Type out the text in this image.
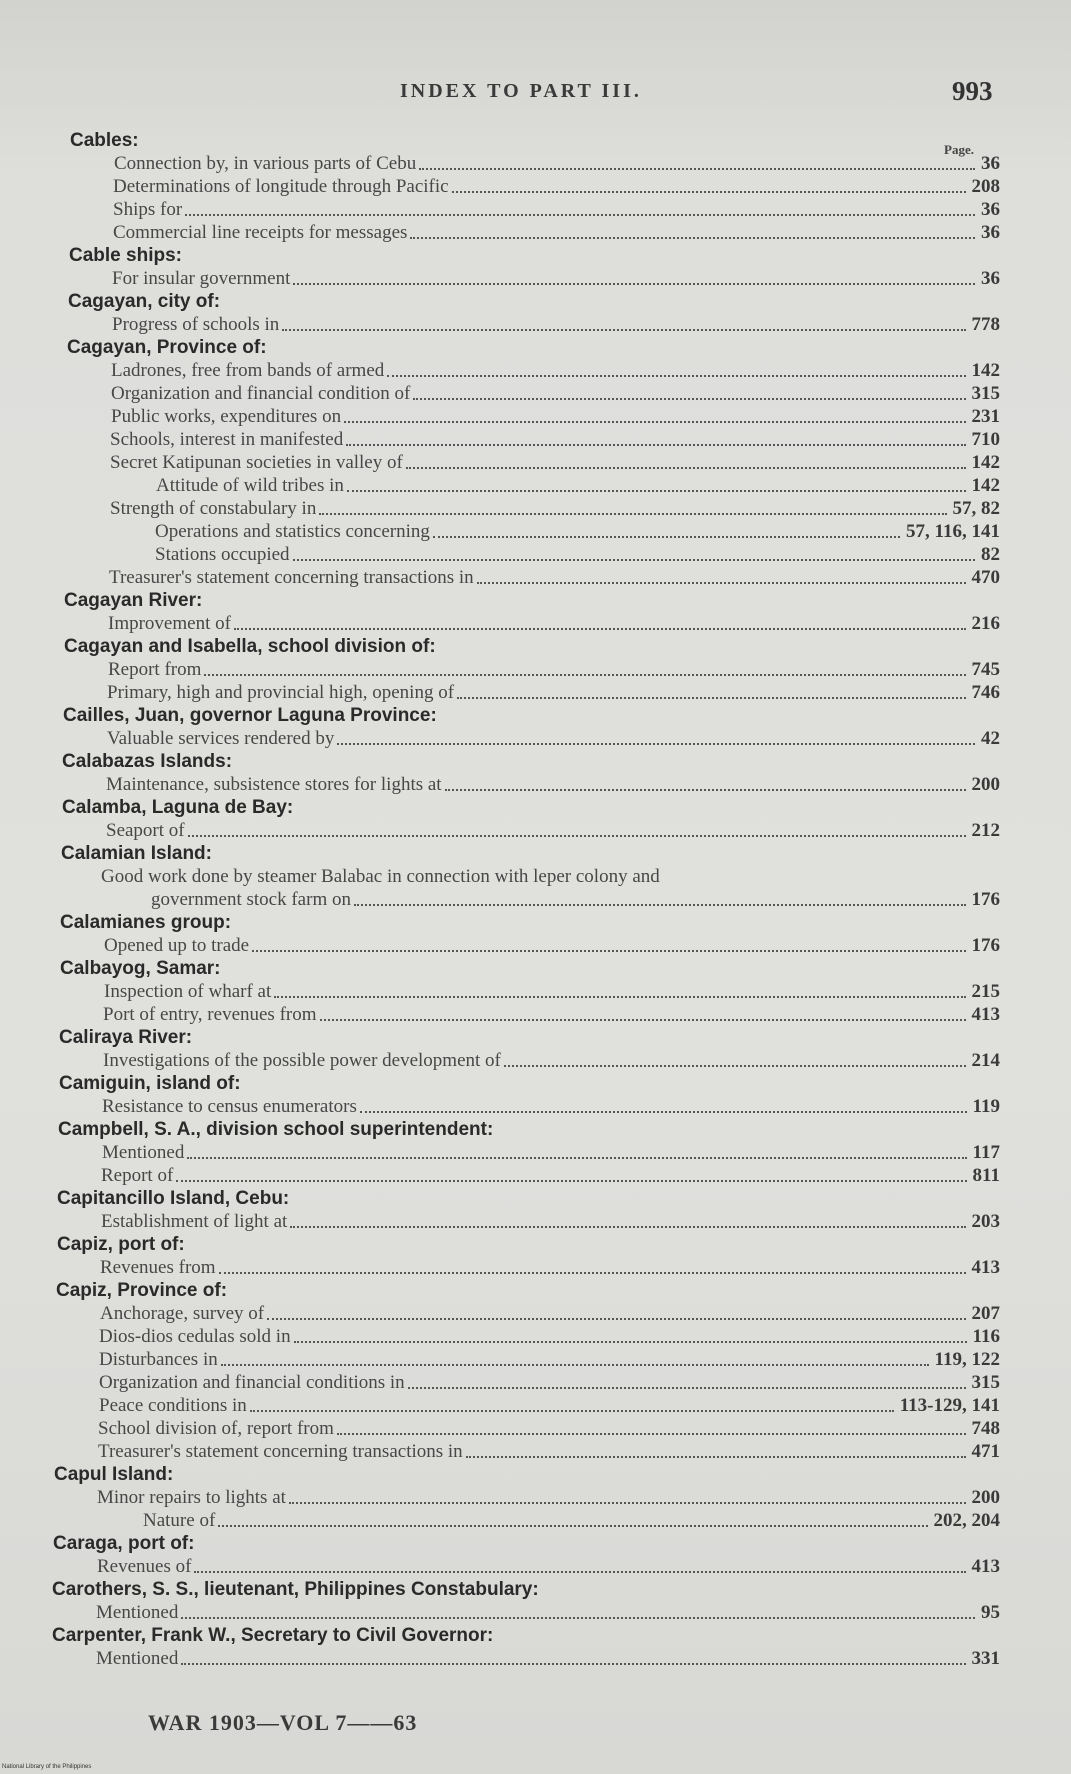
INDEX TO PART III.	993
Page.
Cables:
Connection by, in various parts of Cebu	36
Determinations of longitude through Pacific	208
Ships for	36
Commercial line receipts for messages	36
Cable ships:
For insular government	36
Cagayan, city of:
Progress of schools in	778
Cagayan, Province of:
Ladrones, free from bands of armed	142
Organization and financial condition of	315
Public works, expenditures on	231
Schools, interest in manifested	710
Secret Katipunan societies in valley of	142
Attitude of wild tribes in	142
Strength of constabulary in	57, 82
Operations and statistics concerning	57, 116, 141
Stations occupied	82
Treasurer's statement concerning transactions in	470
Cagayan River:
Improvement of	216
Cagayan and Isabella, school division of:
Report from	745
Primary, high and provincial high, opening of	746
Cailles, Juan, governor Laguna Province:
Valuable services rendered by	42
Calabazas Islands:
Maintenance, subsistence stores for lights at	200
Calamba, Laguna de Bay:
Seaport of	212
Calamian Island:
Good work done by steamer Balabac in connection with leper colony and
government stock farm on	176
Calamianes group:
Opened up to trade	176
Calbayog, Samar:
Inspection of wharf at	215
Port of entry, revenues from	413
Caliraya River:
Investigations of the possible power development of	214
Camiguin, island of:
Resistance to census enumerators	119
Campbell, S. A., division school superintendent:
Mentioned	117
Report of	811
Capitancillo Island, Cebu:
Establishment of light at	203
Capiz, port of:
Revenues from	413
Capiz, Province of:
Anchorage, survey of	207
Dios-dios cedulas sold in	116
Disturbances in	119, 122
Organization and financial conditions in	315
Peace conditions in	113-129, 141
School division of, report from	748
Treasurer's statement concerning transactions in	471
Capul Island:
Minor repairs to lights at	200
Nature of	202, 204
Caraga, port of:
Revenues of	413
Carothers, S. S., lieutenant, Philippines Constabulary:
Mentioned	95
Carpenter, Frank W., Secretary to Civil Governor:
Mentioned	331
WAR 1903—VOL 7——63
National Library of the Philippines
